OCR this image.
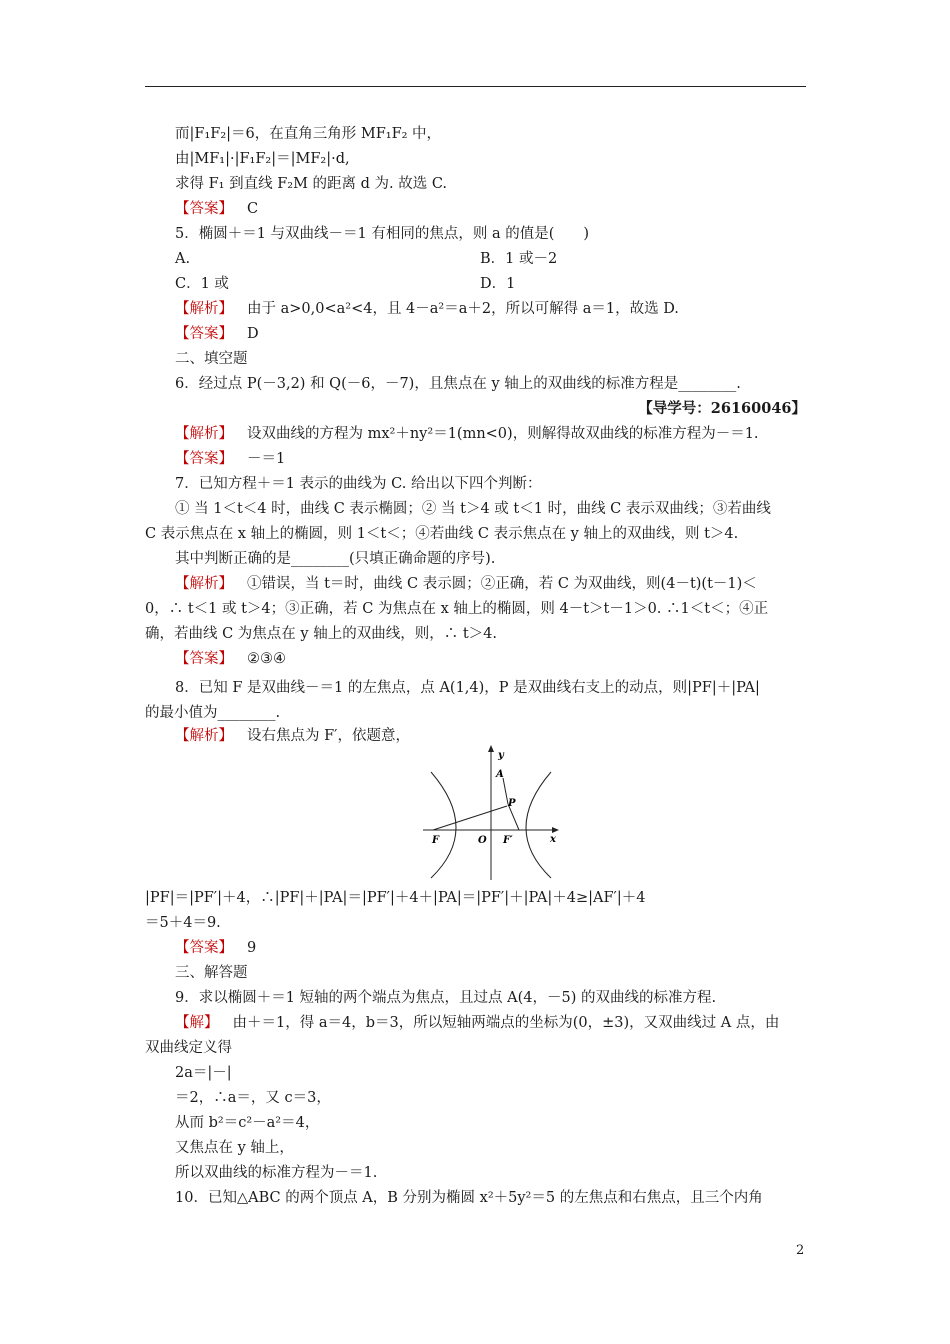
而|F₁F₂|＝6，在直角三角形 MF₁F₂ 中，
由|MF₁|·|F₁F₂|＝|MF₂|·d,
求得 F₁ 到直线 F₂M 的距离 d 为. 故选 C.
【答案】 C
5．椭圆＋＝1 与双曲线－＝1 有相同的焦点，则 a 的值是(　　)
A.	B．1 或－2
C．1 或	D．1
【解析】 由于 a>0,0<a²<4，且 4－a²＝a＋2，所以可解得 a＝1，故选 D.
【答案】 D
二、填空题
6．经过点 P(－3,2) 和 Q(－6，－7)，且焦点在 y 轴上的双曲线的标准方程是________.
【导学号：26160046】
【解析】 设双曲线的方程为 mx²＋ny²＝1(mn<0)，则解得故双曲线的标准方程为－＝1.
【答案】 －＝1
7．已知方程＋＝1 表示的曲线为 C. 给出以下四个判断：
① 当 1＜t＜4 时，曲线 C 表示椭圆；② 当 t＞4 或 t＜1 时，曲线 C 表示双曲线；③若曲线
C 表示焦点在 x 轴上的椭圆，则 1＜t＜；④若曲线 C 表示焦点在 y 轴上的双曲线，则 t＞4.
其中判断正确的是________(只填正确命题的序号).
【解析】 ①错误，当 t＝时，曲线 C 表示圆；②正确，若 C 为双曲线，则(4－t)(t－1)＜
0，∴ t＜1 或 t＞4；③正确，若 C 为焦点在 x 轴上的椭圆，则 4－t＞t－1＞0. ∴1＜t＜；④正
确，若曲线 C 为焦点在 y 轴上的双曲线，则，∴ t＞4.
【答案】 ②③④
8．已知 F 是双曲线－＝1 的左焦点，点 A(1,4)，P 是双曲线右支上的动点，则|PF|＋|PA|
的最小值为________.
【解析】 设右焦点为 F′，依题意，
y
A
P
F	O F′	x
|PF|＝|PF′|＋4，∴|PF|＋|PA|＝|PF′|＋4＋|PA|＝|PF′|＋|PA|＋4≥|AF′|＋4
＝5＋4＝9.
【答案】 9
三、解答题
9．求以椭圆＋＝1 短轴的两个端点为焦点，且过点 A(4，－5) 的双曲线的标准方程.
【解】 由＋＝1，得 a＝4，b＝3，所以短轴两端点的坐标为(0，±3)，又双曲线过 A 点，由
双曲线定义得
2a＝|－|
＝2，∴a＝，又 c＝3，
从而 b²＝c²－a²＝4，
又焦点在 y 轴上，
所以双曲线的标准方程为－＝1.
10．已知△ABC 的两个顶点 A，B 分别为椭圆 x²＋5y²＝5 的左焦点和右焦点，且三个内角
2
